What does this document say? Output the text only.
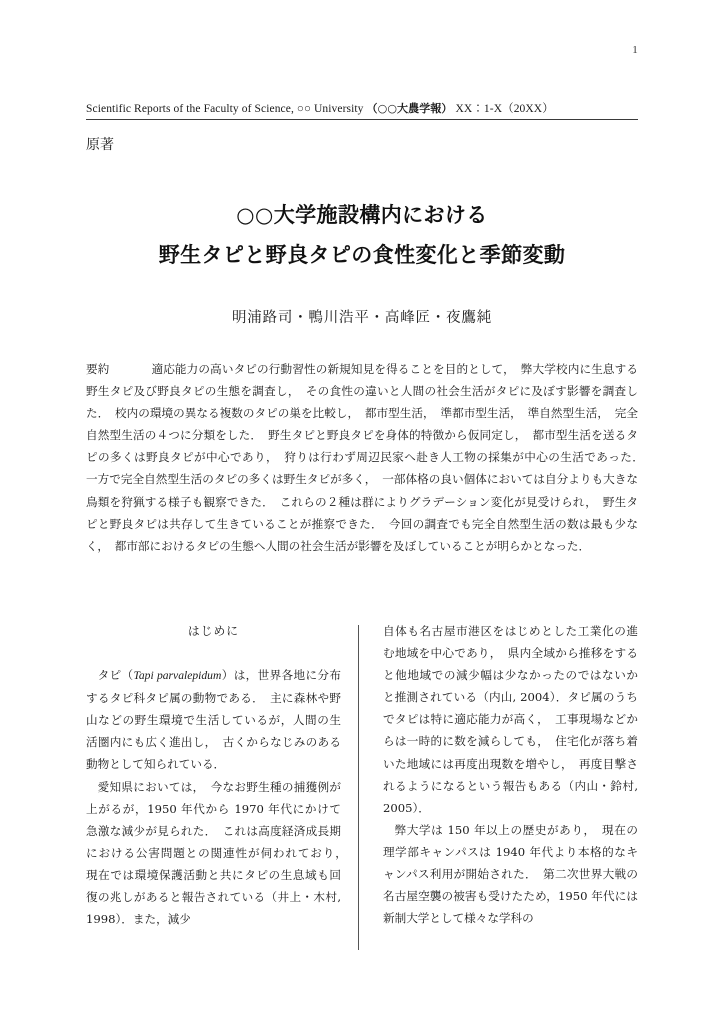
1
Scientific Reports of the Faculty of Science, ○○ University （○○大農学報） XX：1-X（20XX）
原著
○○大学施設構内における
野生タピと野良タピの食性変化と季節変動
明浦路司・鴨川浩平・高峰匠・夜鷹純
要約	適応能力の高いタピの行動習性の新規知見を得ることを目的として，　弊大学校内に生息する野生タピ及び野良タピの生態を調査し，　その食性の違いと人間の社会生活がタピに及ぼす影響を調査した．　校内の環境の異なる複数のタピの巣を比較し，　都市型生活，　準都市型生活，　準自然型生活，　完全自然型生活の４つに分類をした．　野生タピと野良タピを身体的特徴から仮同定し，　都市型生活を送るタピの多くは野良タピが中心であり，　狩りは行わず周辺民家へ赴き人工物の採集が中心の生活であった．　一方で完全自然型生活のタピの多くは野生タピが多く，　一部体格の良い個体においては自分よりも大きな鳥類を狩猟する様子も観察できた．　これらの２種は群によりグラデーション変化が見受けられ，　野生タピと野良タピは共存して生きていることが推察できた．　今回の調査でも完全自然型生活の数は最も少なく，　都市部におけるタピの生態へ人間の社会生活が影響を及ぼしていることが明らかとなった．
はじめに

タピ（Tapi parvalepidum）は，世界各地に分布するタピ科タピ属の動物である．　主に森林や野山などの野生環境で生活しているが，人間の生活圏内にも広く進出し，　古くからなじみのある動物として知られている．

愛知県においては，　今なお野生種の捕獲例が上がるが，1950 年代から 1970 年代にかけて急激な減少が見られた．　これは高度経済成長期における公害問題との関連性が伺われており，　現在では環境保護活動と共にタピの生息域も回復の兆しがあると報告されている（井上・木村, 1998）．また，減少

自体も名古屋市港区をはじめとした工業化の進む地域を中心であり，　県内全域から推移をすると他地域での減少幅は少なかったのではないかと推測されている（内山, 2004）．タピ属のうちでタピは特に適応能力が高く，　工事現場などからは一時的に数を減らしても，　住宅化が落ち着いた地域には再度出現数を増やし，　再度目撃されるようになるという報告もある（内山・鈴村, 2005）．

弊大学は 150 年以上の歴史があり，　現在の理学部キャンパスは 1940 年代より本格的なキャンパス利用が開始された．　第二次世界大戦の名古屋空襲の被害も受けたため，1950 年代には新制大学として様々な学科の
